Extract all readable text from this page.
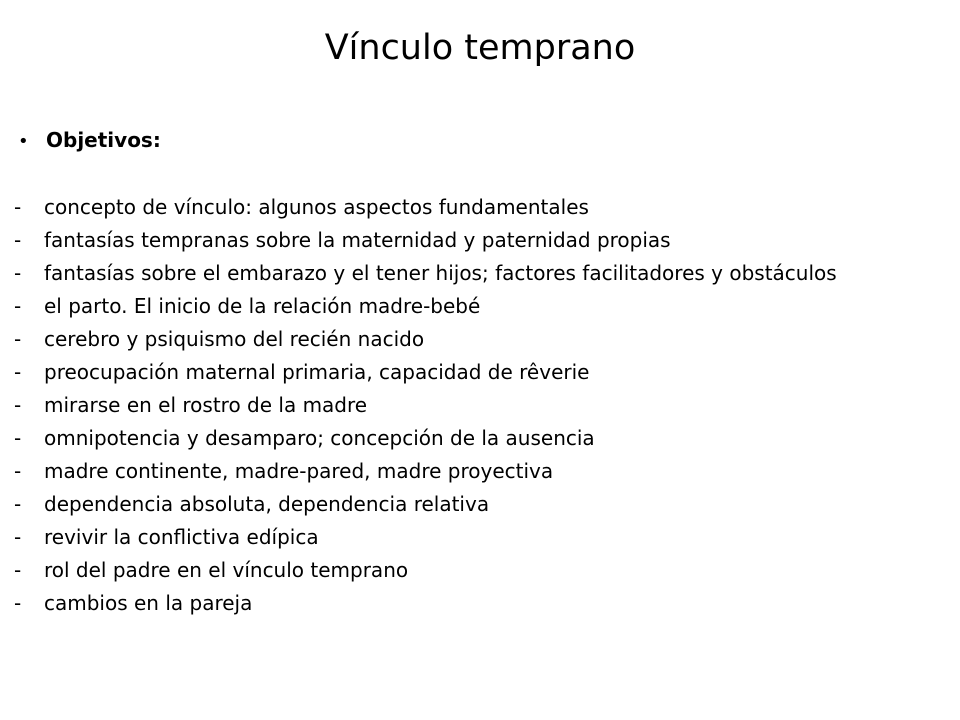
Vínculo temprano
• Objetivos:
-	concepto de vínculo: algunos aspectos fundamentales
-	fantasías tempranas sobre la maternidad y paternidad propias
-	fantasías sobre el embarazo y el tener hijos; factores facilitadores y obstáculos
-	el parto. El inicio de la relación madre-bebé
-	cerebro y psiquismo del recién nacido
-	preocupación maternal primaria, capacidad de rêverie
-	mirarse en el rostro de la madre
-	omnipotencia y desamparo; concepción de la ausencia
-	madre continente, madre-pared, madre proyectiva
-	dependencia absoluta, dependencia relativa
-	revivir la conflictiva edípica
-	rol del padre en el vínculo temprano
-	cambios en la pareja
